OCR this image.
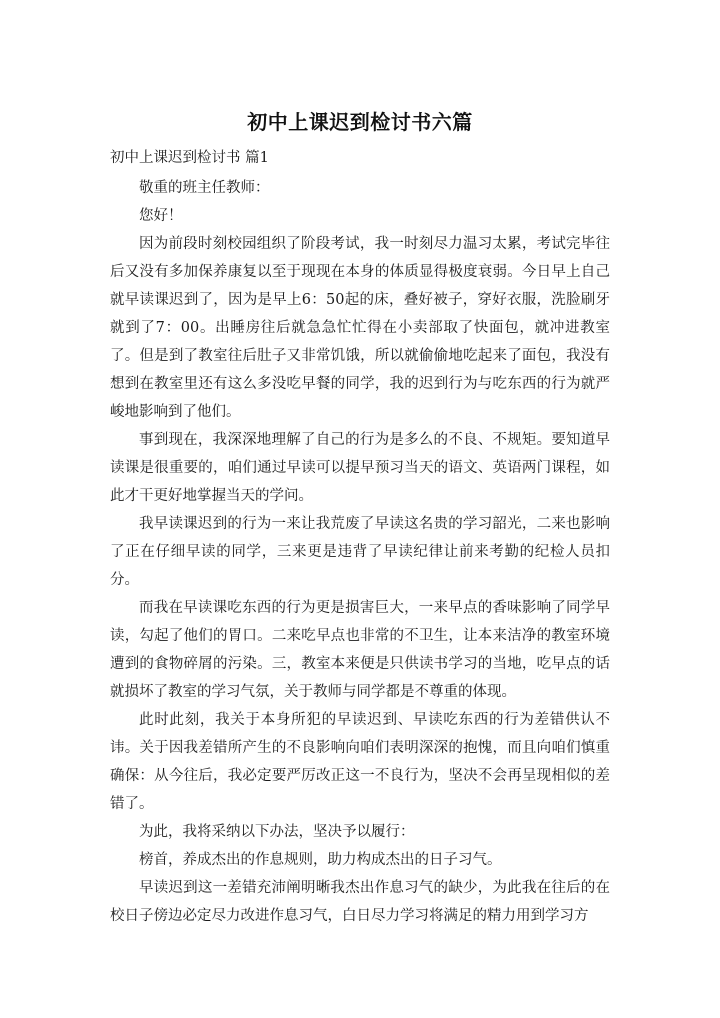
初中上课迟到检讨书六篇
初中上课迟到检讨书 篇1

敬重的班主任教师：

您好！

因为前段时刻校园组织了阶段考试，我一时刻尽力温习太累，考试完毕往后又没有多加保养康复以至于现现在本身的体质显得极度衰弱。今日早上自己就早读课迟到了，因为是早上6：50起的床，叠好被子，穿好衣服，洗脸刷牙就到了7：00。出睡房往后就急急忙忙得在小卖部取了快面包，就冲进教室了。但是到了教室往后肚子又非常饥饿，所以就偷偷地吃起来了面包，我没有想到在教室里还有这么多没吃早餐的同学，我的迟到行为与吃东西的行为就严峻地影响到了他们。

事到现在，我深深地理解了自己的行为是多么的不良、不规矩。要知道早读课是很重要的，咱们通过早读可以提早预习当天的语文、英语两门课程，如此才干更好地掌握当天的学问。

我早读课迟到的行为一来让我荒废了早读这名贵的学习韶光，二来也影响了正在仔细早读的同学，三来更是违背了早读纪律让前来考勤的纪检人员扣分。

而我在早读课吃东西的行为更是损害巨大，一来早点的香味影响了同学早读，勾起了他们的胃口。二来吃早点也非常的不卫生，让本来洁净的教室环境遭到的食物碎屑的污染。三，教室本来便是只供读书学习的当地，吃早点的话就损坏了教室的学习气氛，关于教师与同学都是不尊重的体现。

此时此刻，我关于本身所犯的早读迟到、早读吃东西的行为差错供认不讳。关于因我差错所产生的不良影响向咱们表明深深的抱愧，而且向咱们慎重确保：从今往后，我必定要严厉改正这一不良行为，坚决不会再呈现相似的差错了。

为此，我将采纳以下办法，坚决予以履行：

榜首，养成杰出的作息规则，助力构成杰出的日子习气。

早读迟到这一差错充沛阐明晰我杰出作息习气的缺少，为此我在往后的在校日子傍边必定尽力改进作息习气，白日尽力学习将满足的精力用到学习方
